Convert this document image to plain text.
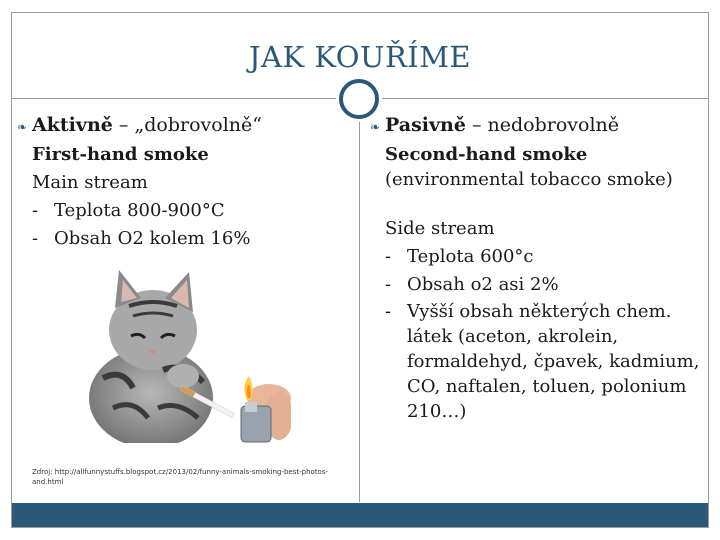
JAK KOUŘÍME
❧ Aktivně – „dobrovolně“
First-hand smoke
Main stream
- Teplota 800-900°C
- Obsah O2 kolem 16%
Zdroj: http://allfunnystuffs.blogspot.cz/2013/02/funny-animals-smoking-best-photos-and.html
❧ Pasivně – nedobrovolně
Second-hand smoke
(environmental tobacco smoke)
Side stream
- Teplota 600°c
- Obsah o2 asi 2%
- Vyšší obsah některých chem. látek (aceton, akrolein, formaldehyd, čpavek, kadmium, CO, naftalen, toluen, polonium 210…)
